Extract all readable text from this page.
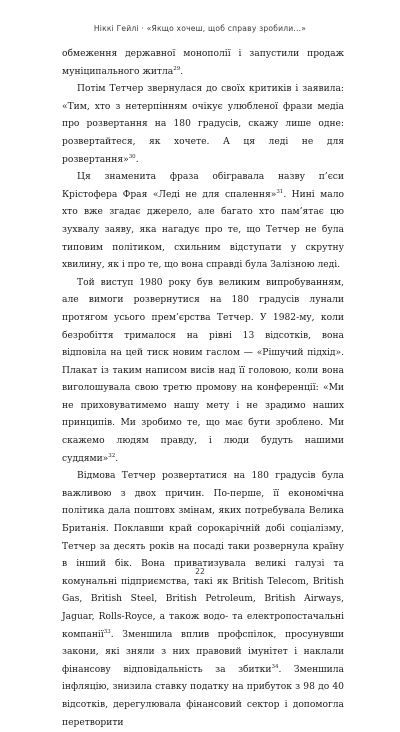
Ніккі Гейлі · «Якщо хочеш, щоб справу зробили...»

обмеження державної монополії і запустили продаж муніципального житла$^{29}$.

Потім Тетчер звернулася до своїх критиків і заявила: «Тим, хто з нетерпінням очікує улюбленої фрази медіа про розвертання на 180 градусів, скажу лише одне: розвертайтеся, як хочете. А ця леді не для розвертання»$^{30}$.

Ця знаменита фраза обігравала назву п’єси Крістофера Фрая «Леді не для спалення»$^{31}$. Нині мало хто вже згадає джерело, але багато хто пам’ятає цю зухвалу заяву, яка нагадує про те, що Тетчер не була типовим політиком, схильним відступати у скрутну хвилину, як і про те, що вона справді була Залізною леді.

Той виступ 1980 року був великим випробуванням, але вимоги розвернутися на 180 градусів лунали протягом усього прем’єрства Тетчер. У 1982-му, коли безробіття трималося на рівні 13 відсотків, вона відповіла на цей тиск новим гаслом — «Рішучий підхід». Плакат із таким написом висів над її головою, коли вона виголошувала свою третю промову на конференції: «Ми не приховуватимемо нашу мету і не зрадимо наших принципів. Ми зробимо те, що має бути зроблено. Ми скажемо людям правду, і люди будуть нашими суддями»$^{32}$.

Відмова Тетчер розвертатися на 180 градусів була важливою з двох причин. По-перше, її економічна політика дала поштовх змінам, яких потребувала Велика Британія. Поклавши край сорокарічній добі соціалізму, Тетчер за десять років на посаді таки розвернула країну в інший бік. Вона приватизувала великі галузі та комунальні підприємства, такі як British Telecom, British Gas, British Steel, British Petroleum, British Airways, Jaguar, Rolls-Royce, а також водо- та електропостачальні компанії$^{33}$. Зменшила вплив профспілок, просунувши закони, які зняли з них правовий імунітет і наклали фінансову відповідальність за збитки$^{34}$. Зменшила інфляцію, знизила ставку податку на прибуток з 98 до 40 відсотків, дерегулювала фінансовий сектор і допомогла перетворити

22
